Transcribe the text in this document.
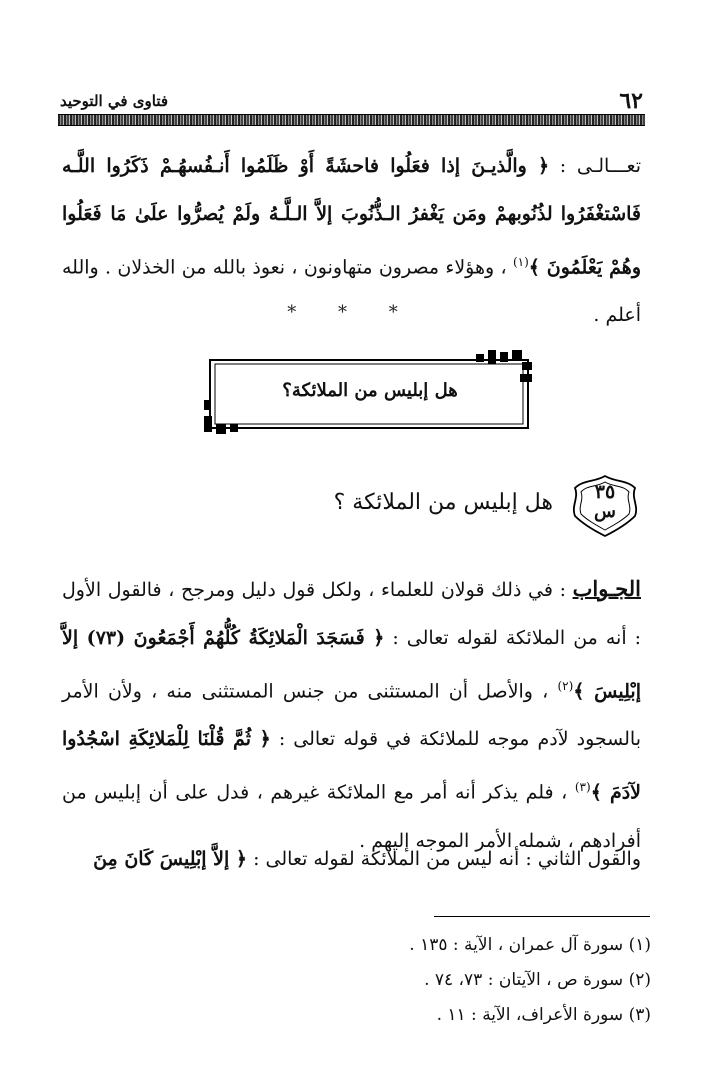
٦٢
فتاوى في التوحيد
تعـــالـى : ﴿ والَّذيـنَ إذا فعَلُوا فاحشَةً أَوْ ظَلَمُوا أَنـفُسهُـمْ ذَكَرُوا اللَّـه فَاسْتغْفَرُوا لذُنُوبهمْ ومَن يَغْفرُ الـذُّنُوبَ إلاَّ الـلَّـهُ ولَمْ يُصرُّوا علَىٰ مَا فَعَلُوا وهُمْ يَعْلَمُونَ ﴾$^{(١)}$ ، وهؤلاء مصرون متهاونون ، نعوذ بالله من الخذلان . والله أعلم .
* * *
هل إبليس من الملائكة؟
٣٥
س
هل إبليس من الملائكة ؟
الجـواب : في ذلك قولان للعلماء ، ولكل قول دليل ومرجح ، فالقول الأول : أنه من الملائكة لقوله تعالى : ﴿ فَسَجَدَ الْمَلائِكَةُ كُلُّهُمْ أَجْمَعُونَ (٧٣) إلاَّ إبْلِيسَ ﴾$^{(٢)}$ ، والأصل أن المستثنى من جنس المستثنى منه ، ولأن الأمر بالسجود لآدم موجه للملائكة في قوله تعالى : ﴿ ثُمَّ قُلْنَا لِلْمَلائِكَةِ اسْجُدُوا لآدَمَ ﴾$^{(٣)}$ ، فلم يذكر أنه أمر مع الملائكة غيرهم ، فدل على أن إبليس من أفرادهم ، شمله الأمر الموجه إليهم .
والقول الثاني : أنه ليس من الملائكة لقوله تعالى : ﴿ إلاَّ إبْلِيسَ كَانَ مِنَ
(١) سورة آل عمران ، الآية : ١٣٥ .
(٢) سورة ص ، الآيتان : ٧٣، ٧٤ .
(٣) سورة الأعراف، الآية : ١١ .
